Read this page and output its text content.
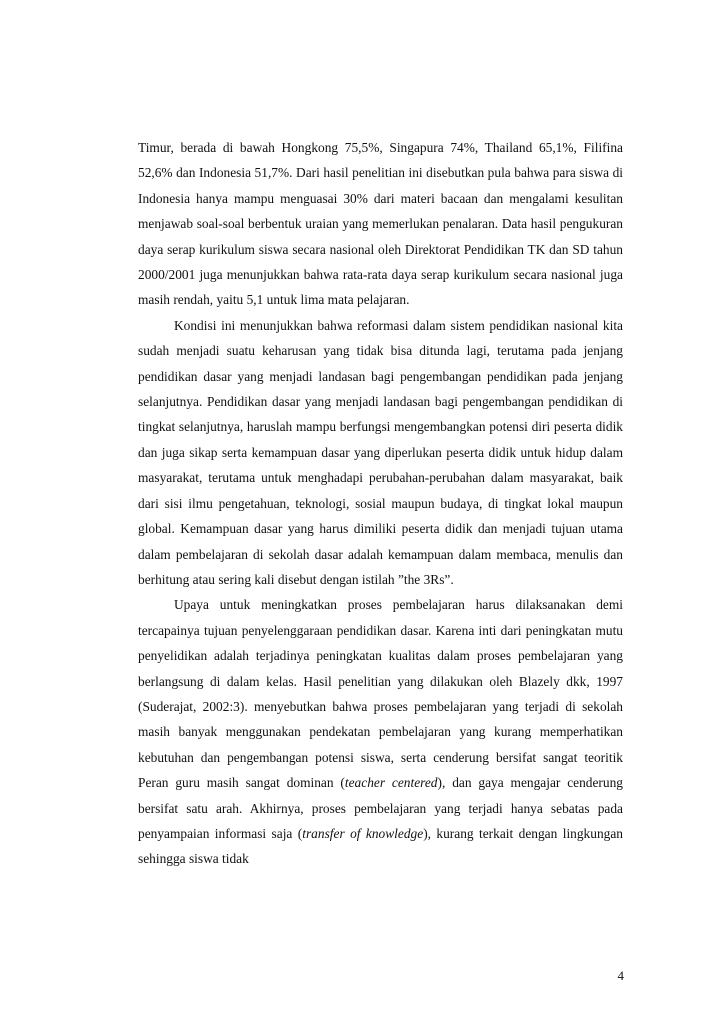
Timur, berada di bawah Hongkong 75,5%, Singapura 74%, Thailand 65,1%, Filifina 52,6% dan Indonesia 51,7%. Dari hasil penelitian ini disebutkan pula bahwa para siswa di Indonesia hanya mampu menguasai 30% dari materi bacaan dan mengalami kesulitan menjawab soal-soal berbentuk uraian yang memerlukan penalaran. Data hasil pengukuran daya serap kurikulum siswa secara nasional oleh Direktorat Pendidikan TK dan SD tahun 2000/2001 juga menunjukkan bahwa rata-rata daya serap kurikulum secara nasional juga masih rendah, yaitu 5,1 untuk lima mata pelajaran.

Kondisi ini menunjukkan bahwa reformasi dalam sistem pendidikan nasional kita sudah menjadi suatu keharusan yang tidak bisa ditunda lagi, terutama pada jenjang pendidikan dasar yang menjadi landasan bagi pengembangan pendidikan pada jenjang selanjutnya. Pendidikan dasar yang menjadi landasan bagi pengembangan pendidikan di tingkat selanjutnya, haruslah mampu berfungsi mengembangkan potensi diri peserta didik dan juga sikap serta kemampuan dasar yang diperlukan peserta didik untuk hidup dalam masyarakat, terutama untuk menghadapi perubahan-perubahan dalam masyarakat, baik dari sisi ilmu pengetahuan, teknologi, sosial maupun budaya, di tingkat lokal maupun global. Kemampuan dasar yang harus dimiliki peserta didik dan menjadi tujuan utama dalam pembelajaran di sekolah dasar adalah kemampuan dalam membaca, menulis dan berhitung atau sering kali disebut dengan istilah ”the 3Rs”.

Upaya untuk meningkatkan proses pembelajaran harus dilaksanakan demi tercapainya tujuan penyelenggaraan pendidikan dasar. Karena inti dari peningkatan mutu penyelidikan adalah terjadinya peningkatan kualitas dalam proses pembelajaran yang berlangsung di dalam kelas. Hasil penelitian yang dilakukan oleh Blazely dkk, 1997 (Suderajat, 2002:3). menyebutkan bahwa proses pembelajaran yang terjadi di sekolah masih banyak menggunakan pendekatan pembelajaran yang kurang memperhatikan kebutuhan dan pengembangan potensi siswa, serta cenderung bersifat sangat teoritik Peran guru masih sangat dominan (teacher centered), dan gaya mengajar cenderung bersifat satu arah. Akhirnya, proses pembelajaran yang terjadi hanya sebatas pada penyampaian informasi saja (transfer of knowledge), kurang terkait dengan lingkungan sehingga siswa tidak

4
